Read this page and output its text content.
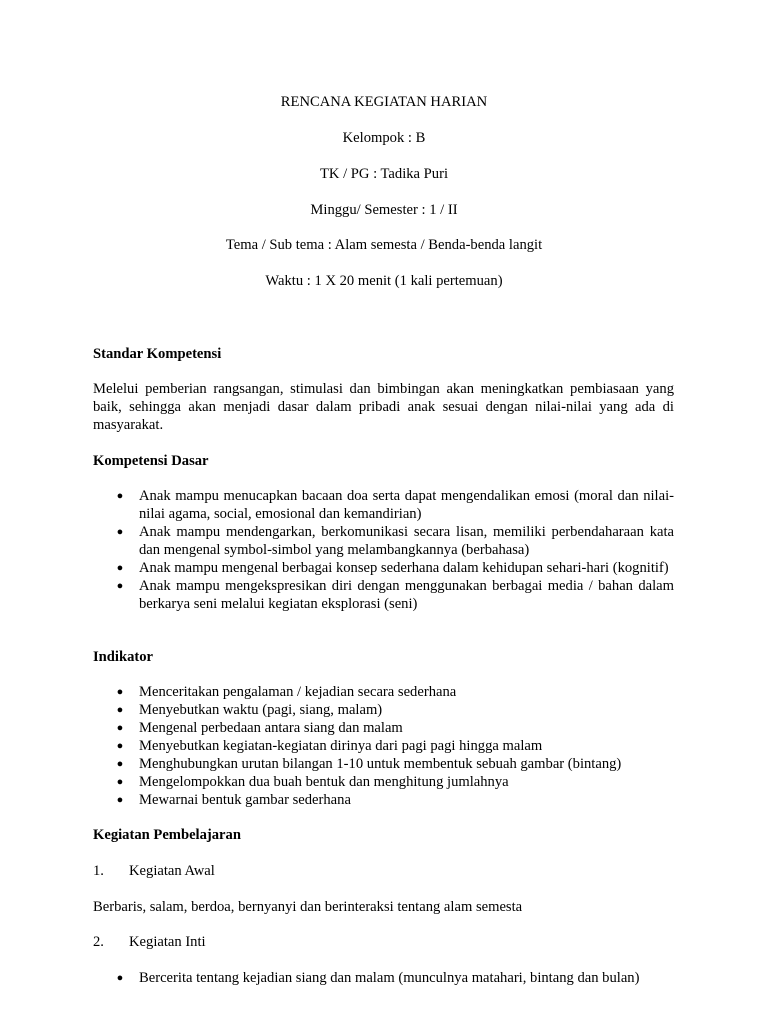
RENCANA KEGIATAN HARIAN
Kelompok : B
TK / PG : Tadika Puri
Minggu/ Semester : 1 / II
Tema / Sub tema : Alam semesta / Benda-benda langit
Waktu : 1 X 20 menit (1 kali pertemuan)
Standar Kompetensi
Melelui pemberian rangsangan, stimulasi dan bimbingan akan meningkatkan pembiasaan yang baik, sehingga akan menjadi dasar dalam pribadi anak sesuai dengan nilai-nilai yang ada di masyarakat.
Kompetensi Dasar
● Anak mampu menucapkan bacaan doa serta dapat mengendalikan emosi (moral dan nilai-nilai agama, social, emosional dan kemandirian)
● Anak mampu mendengarkan, berkomunikasi secara lisan, memiliki perbendaharaan kata dan mengenal symbol-simbol yang melambangkannya (berbahasa)
● Anak mampu mengenal berbagai konsep sederhana dalam kehidupan sehari-hari (kognitif)
● Anak mampu mengekspresikan diri dengan menggunakan berbagai media / bahan dalam berkarya seni melalui kegiatan eksplorasi (seni)
Indikator
● Menceritakan pengalaman / kejadian secara sederhana
● Menyebutkan waktu (pagi, siang, malam)
● Mengenal perbedaan antara siang dan malam
● Menyebutkan kegiatan-kegiatan dirinya dari pagi pagi hingga malam
● Menghubungkan urutan bilangan 1-10 untuk membentuk sebuah gambar (bintang)
● Mengelompokkan dua buah bentuk dan menghitung jumlahnya
● Mewarnai bentuk gambar sederhana
Kegiatan Pembelajaran
1. Kegiatan Awal
Berbaris, salam, berdoa, bernyanyi dan berinteraksi tentang alam semesta
2. Kegiatan Inti
● Bercerita tentang kejadian siang dan malam (munculnya matahari, bintang dan bulan)
